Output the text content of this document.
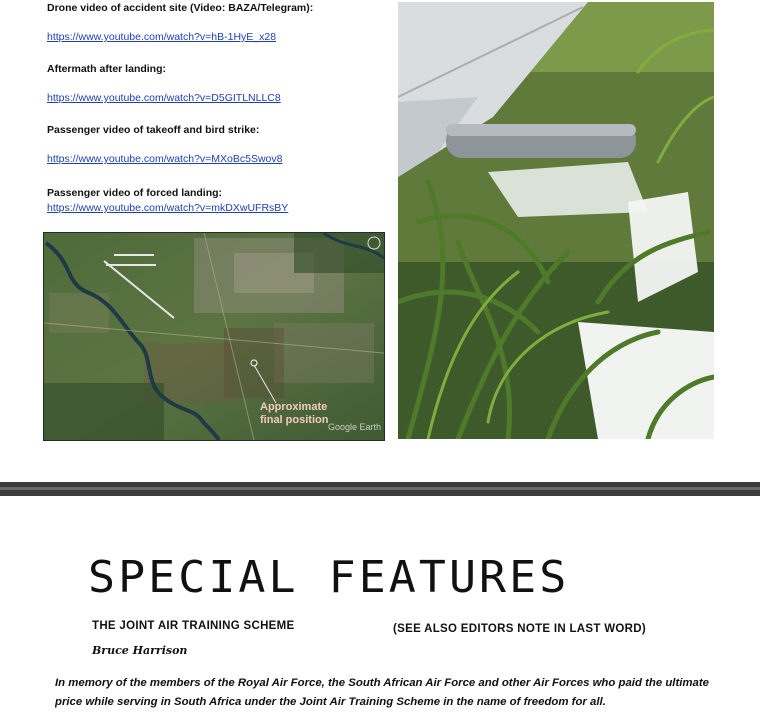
Drone video of accident site (Video: BAZA/Telegram):
https://www.youtube.com/watch?v=hB-1HyE_x28
Aftermath after landing:
https://www.youtube.com/watch?v=D5GITLNLLC8
Passenger video of takeoff and bird strike:
https://www.youtube.com/watch?v=MXoBc5Swov8
Passenger video of forced landing:
https://www.youtube.com/watch?v=mkDXwUFRsBY
Approximate
final position
Google Earth
SPECIAL FEATURES
THE JOINT AIR TRAINING SCHEME	(SEE ALSO EDITORS NOTE IN LAST WORD)
Bruce Harrison
In memory of the members of the Royal Air Force, the South African Air Force and other Air Forces who paid the ultimate price while serving in South Africa under the Joint Air Training Scheme in the name of freedom for all.
